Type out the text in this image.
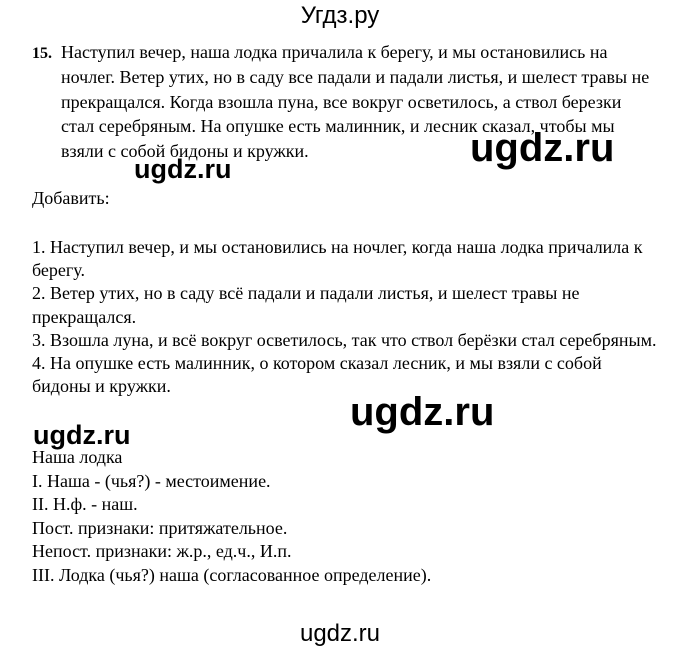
Угдз.ру
15. Наступил вечер, наша лодка причалила к берегу, и мы остановились на ночлег. Ветер утих, но в саду все падали и падали листья, и шелест травы не прекращался. Когда взошла пуна, все вокруг осветилось, а ствол березки стал серебряным. На опушке есть малинник, и лесник сказал, чтобы мы взяли с собой бидоны и кружки.
Добавить:
1. Наступил вечер, и мы остановились на ночлег, когда наша лодка причалила к берегу.
2. Ветер утих, но в саду всё падали и падали листья, и шелест травы не прекращался.
3. Взошла луна, и всё вокруг осветилось, так что ствол берёзки стал серебряным.
4. На опушке есть малинник, о котором сказал лесник, и мы взяли с собой бидоны и кружки.
Наша лодка
I. Наша - (чья?) - местоимение.
II. Н.ф. - наш.
Пост. признаки: притяжательное.
Непост. признаки: ж.р., ед.ч., И.п.
III. Лодка (чья?) наша (согласованное определение).
ugdz.ru
ugdz.ru
ugdz.ru
ugdz.ru
ugdz.ru
